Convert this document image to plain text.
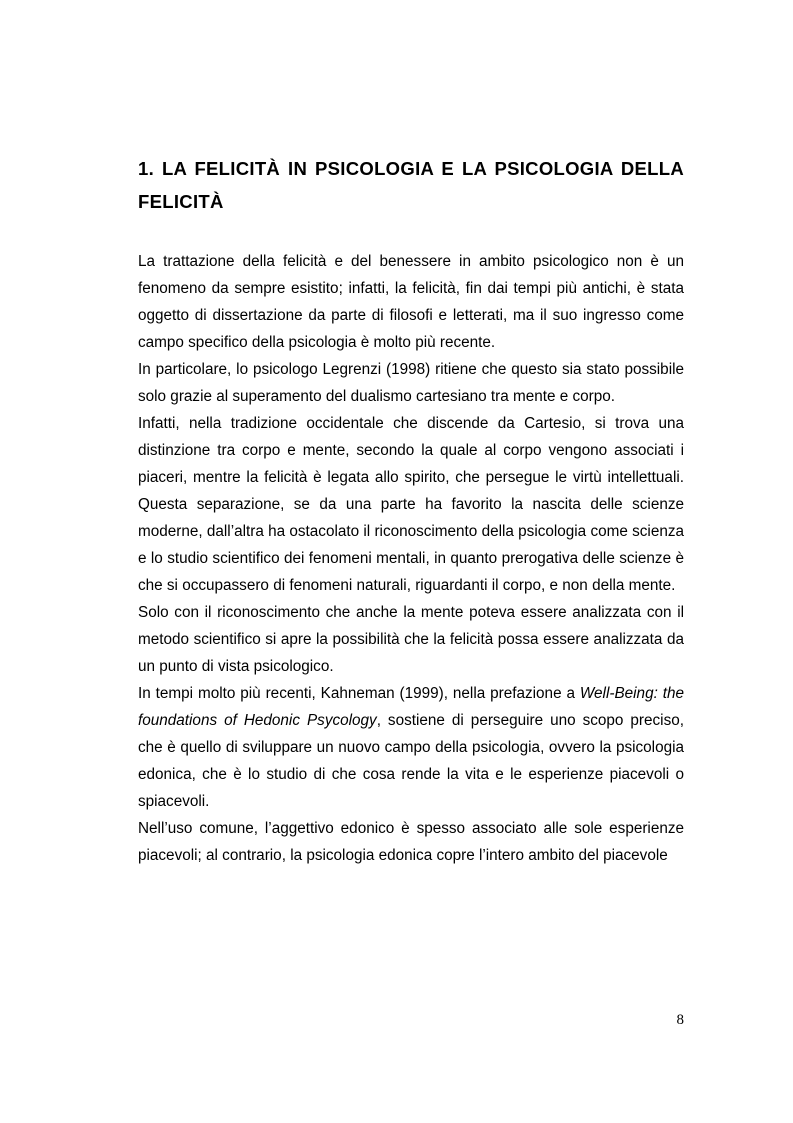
1. LA FELICITÀ IN PSICOLOGIA E LA PSICOLOGIA DELLA FELICITÀ

La trattazione della felicità e del benessere in ambito psicologico non è un fenomeno da sempre esistito; infatti, la felicità, fin dai tempi più antichi, è stata oggetto di dissertazione da parte di filosofi e letterati, ma il suo ingresso come campo specifico della psicologia è molto più recente.

In particolare, lo psicologo Legrenzi (1998) ritiene che questo sia stato possibile solo grazie al superamento del dualismo cartesiano tra mente e corpo.

Infatti, nella tradizione occidentale che discende da Cartesio, si trova una distinzione tra corpo e mente, secondo la quale al corpo vengono associati i piaceri, mentre la felicità è legata allo spirito, che persegue le virtù intellettuali. Questa separazione, se da una parte ha favorito la nascita delle scienze moderne, dall’altra ha ostacolato il riconoscimento della psicologia come scienza e lo studio scientifico dei fenomeni mentali, in quanto prerogativa delle scienze è che si occupassero di fenomeni naturali, riguardanti il corpo, e non della mente.

Solo con il riconoscimento che anche la mente poteva essere analizzata con il metodo scientifico si apre la possibilità che la felicità possa essere analizzata da un punto di vista psicologico.

In tempi molto più recenti, Kahneman (1999), nella prefazione a Well-Being: the foundations of Hedonic Psycology, sostiene di perseguire uno scopo preciso, che è quello di sviluppare un nuovo campo della psicologia, ovvero la psicologia edonica, che è lo studio di che cosa rende la vita e le esperienze piacevoli o spiacevoli.

Nell’uso comune, l’aggettivo edonico è spesso associato alle sole esperienze piacevoli; al contrario, la psicologia edonica copre l’intero ambito del piacevole

8
